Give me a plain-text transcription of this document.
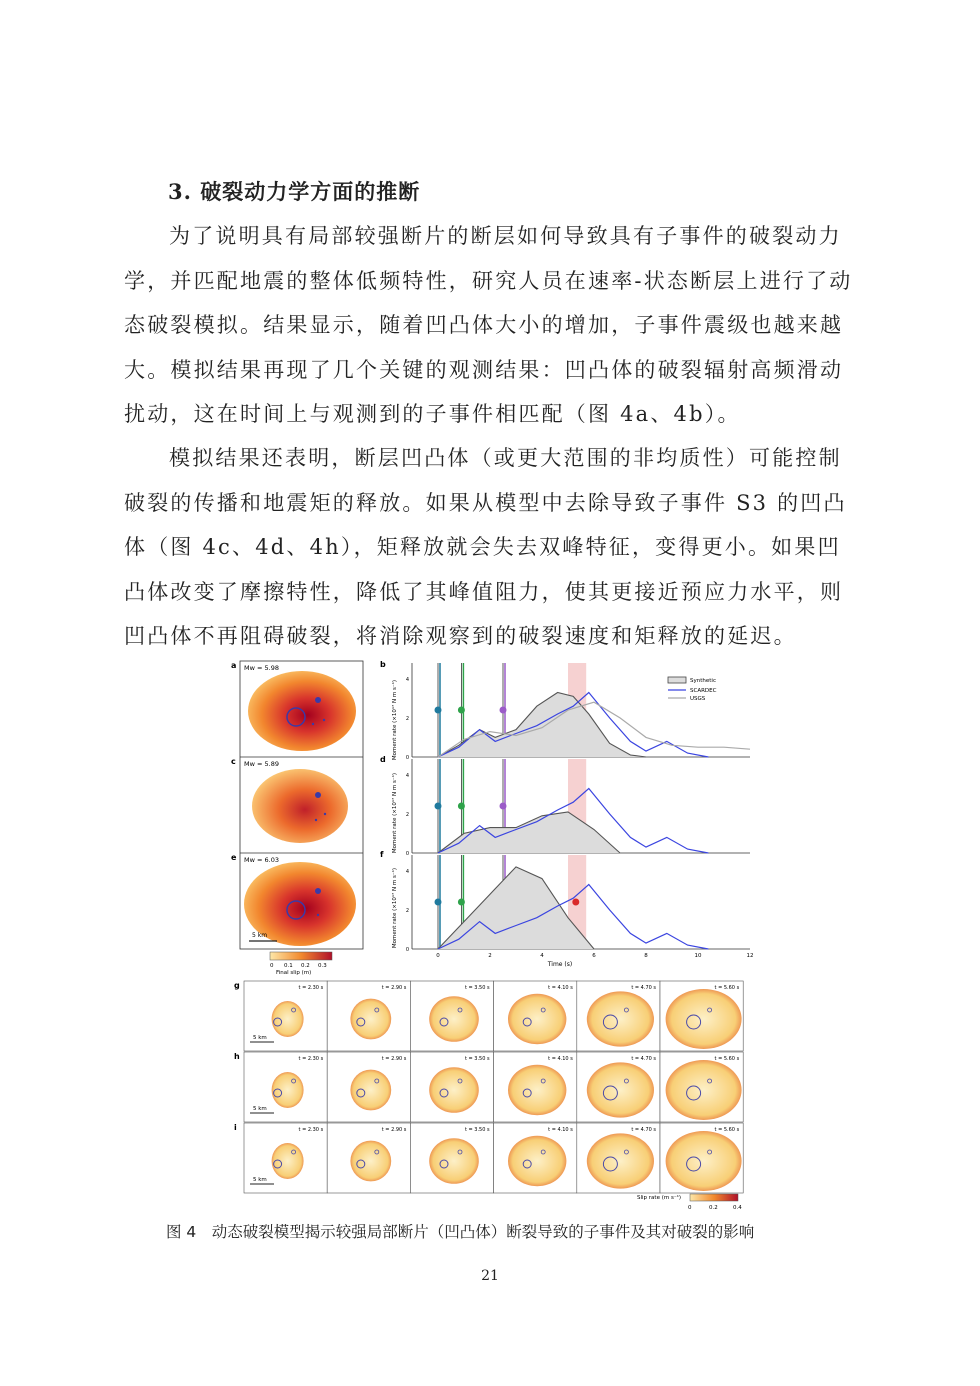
3. 破裂动力学方面的推断
为了说明具有局部较强断片的断层如何导致具有子事件的破裂动力学，并匹配地震的整体低频特性，研究人员在速率-状态断层上进行了动态破裂模拟。结果显示，随着凹凸体大小的增加，子事件震级也越来越大。模拟结果再现了几个关键的观测结果：凹凸体的破裂辐射高频滑动扰动，这在时间上与观测到的子事件相匹配（图 4a、4b）。
模拟结果还表明，断层凹凸体（或更大范围的非均质性）可能控制破裂的传播和地震矩的释放。如果从模型中去除导致子事件 S3 的凹凸体（图 4c、4d、4h），矩释放就会失去双峰特征，变得更小。如果凹凸体改变了摩擦特性，降低了其峰值阻力，使其更接近预应力水平，则凹凸体不再阻碍破裂，将消除观察到的破裂速度和矩释放的延迟。
a Mw = 5.98
c Mw = 5.89
e Mw = 6.03
5 km
0 0.1 0.2 0.3
Final slip (m)
b
d
f
Moment rate (×10¹⁷ N m s⁻¹)
Moment rate (×10¹⁷ N m s⁻¹)
Moment rate (×10¹⁷ N m s⁻¹)
0
2
4
0
2
4
0
2
4
0	2	4	6	8	10	12
Synthetic
SCARDEC
USGS
Time (s)
g	t = 2.30 s	t = 2.90 s	t = 3.50 s	t = 4.10 s	t = 4.70 s	t = 5.60 s
5 km
h	t = 2.30 s	t = 2.90 s	t = 3.50 s	t = 4.10 s	t = 4.70 s	t = 5.60 s
5 km
i	t = 2.30 s	t = 2.90 s	t = 3.50 s	t = 4.10 s	t = 4.70 s	t = 5.60 s
5 km
Slip rate (m s⁻¹)
0	0.2	0.4
图 4　动态破裂模型揭示较强局部断片（凹凸体）断裂导致的子事件及其对破裂的影响
21
